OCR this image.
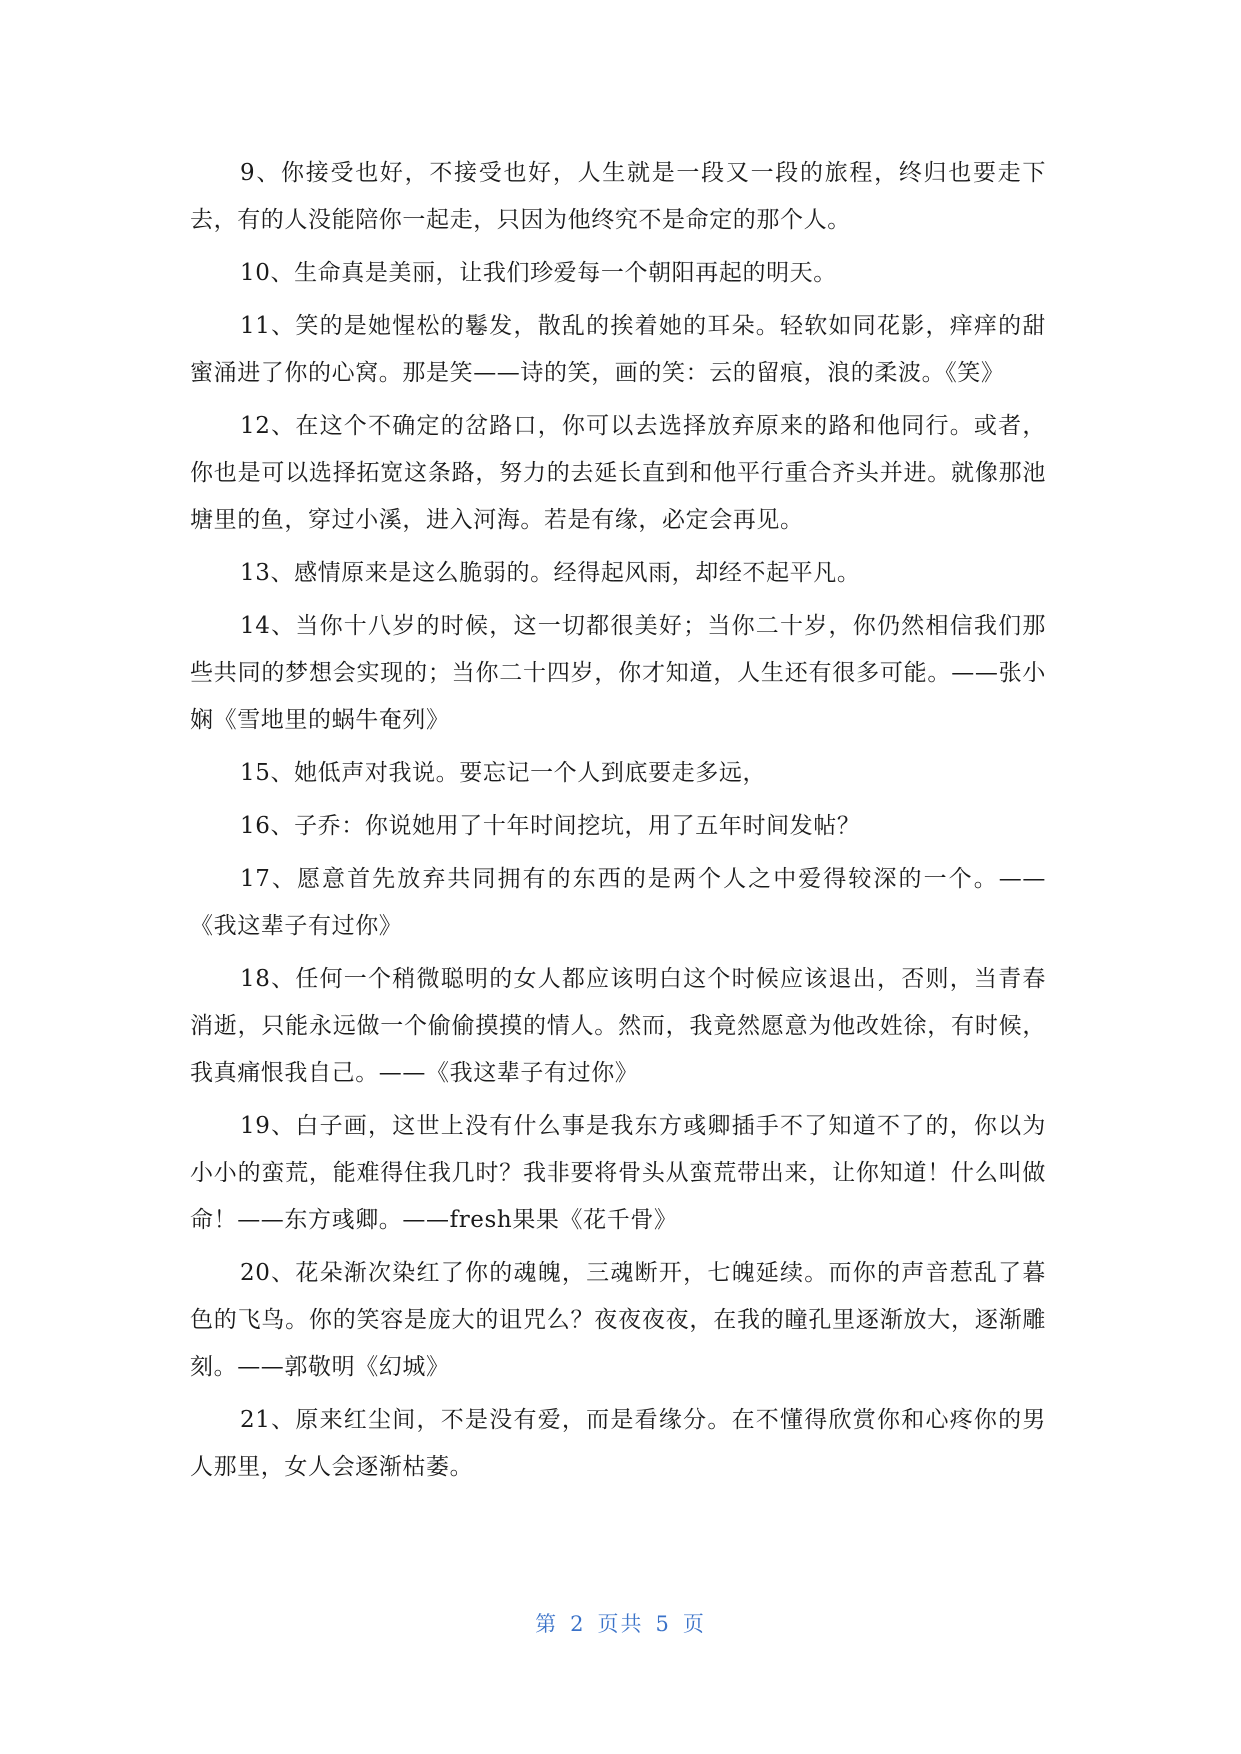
9、你接受也好，不接受也好，人生就是一段又一段的旅程，终归也要走下去，有的人没能陪你一起走，只因为他终究不是命定的那个人。

10、生命真是美丽，让我们珍爱每一个朝阳再起的明天。

11、笑的是她惺松的鬈发，散乱的挨着她的耳朵。轻软如同花影，痒痒的甜蜜涌进了你的心窝。那是笑——诗的笑，画的笑：云的留痕，浪的柔波。《笑》

12、在这个不确定的岔路口，你可以去选择放弃原来的路和他同行。或者，你也是可以选择拓宽这条路，努力的去延长直到和他平行重合齐头并进。就像那池塘里的鱼，穿过小溪，进入河海。若是有缘，必定会再见。

13、感情原来是这么脆弱的。经得起风雨，却经不起平凡。

14、当你十八岁的时候，这一切都很美好；当你二十岁，你仍然相信我们那些共同的梦想会实现的；当你二十四岁，你才知道，人生还有很多可能。——张小娴《雪地里的蜗牛奄列》

15、她低声对我说。要忘记一个人到底要走多远，

16、子乔：你说她用了十年时间挖坑，用了五年时间发帖？

17、愿意首先放弃共同拥有的东西的是两个人之中爱得较深的一个。——《我这辈子有过你》

18、任何一个稍微聪明的女人都应该明白这个时候应该退出，否则，当青春消逝，只能永远做一个偷偷摸摸的情人。然而，我竟然愿意为他改姓徐，有时候，我真痛恨我自己。——《我这辈子有过你》

19、白子画，这世上没有什么事是我东方彧卿插手不了知道不了的，你以为小小的蛮荒，能难得住我几时？我非要将骨头从蛮荒带出来，让你知道！什么叫做命！——东方彧卿。——fresh果果《花千骨》

20、花朵渐次染红了你的魂魄，三魂断开，七魄延续。而你的声音惹乱了暮色的飞鸟。你的笑容是庞大的诅咒么？夜夜夜夜，在我的瞳孔里逐渐放大，逐渐雕刻。——郭敬明《幻城》

21、原来红尘间，不是没有爱，而是看缘分。在不懂得欣赏你和心疼你的男人那里，女人会逐渐枯萎。

第 2 页共 5 页
